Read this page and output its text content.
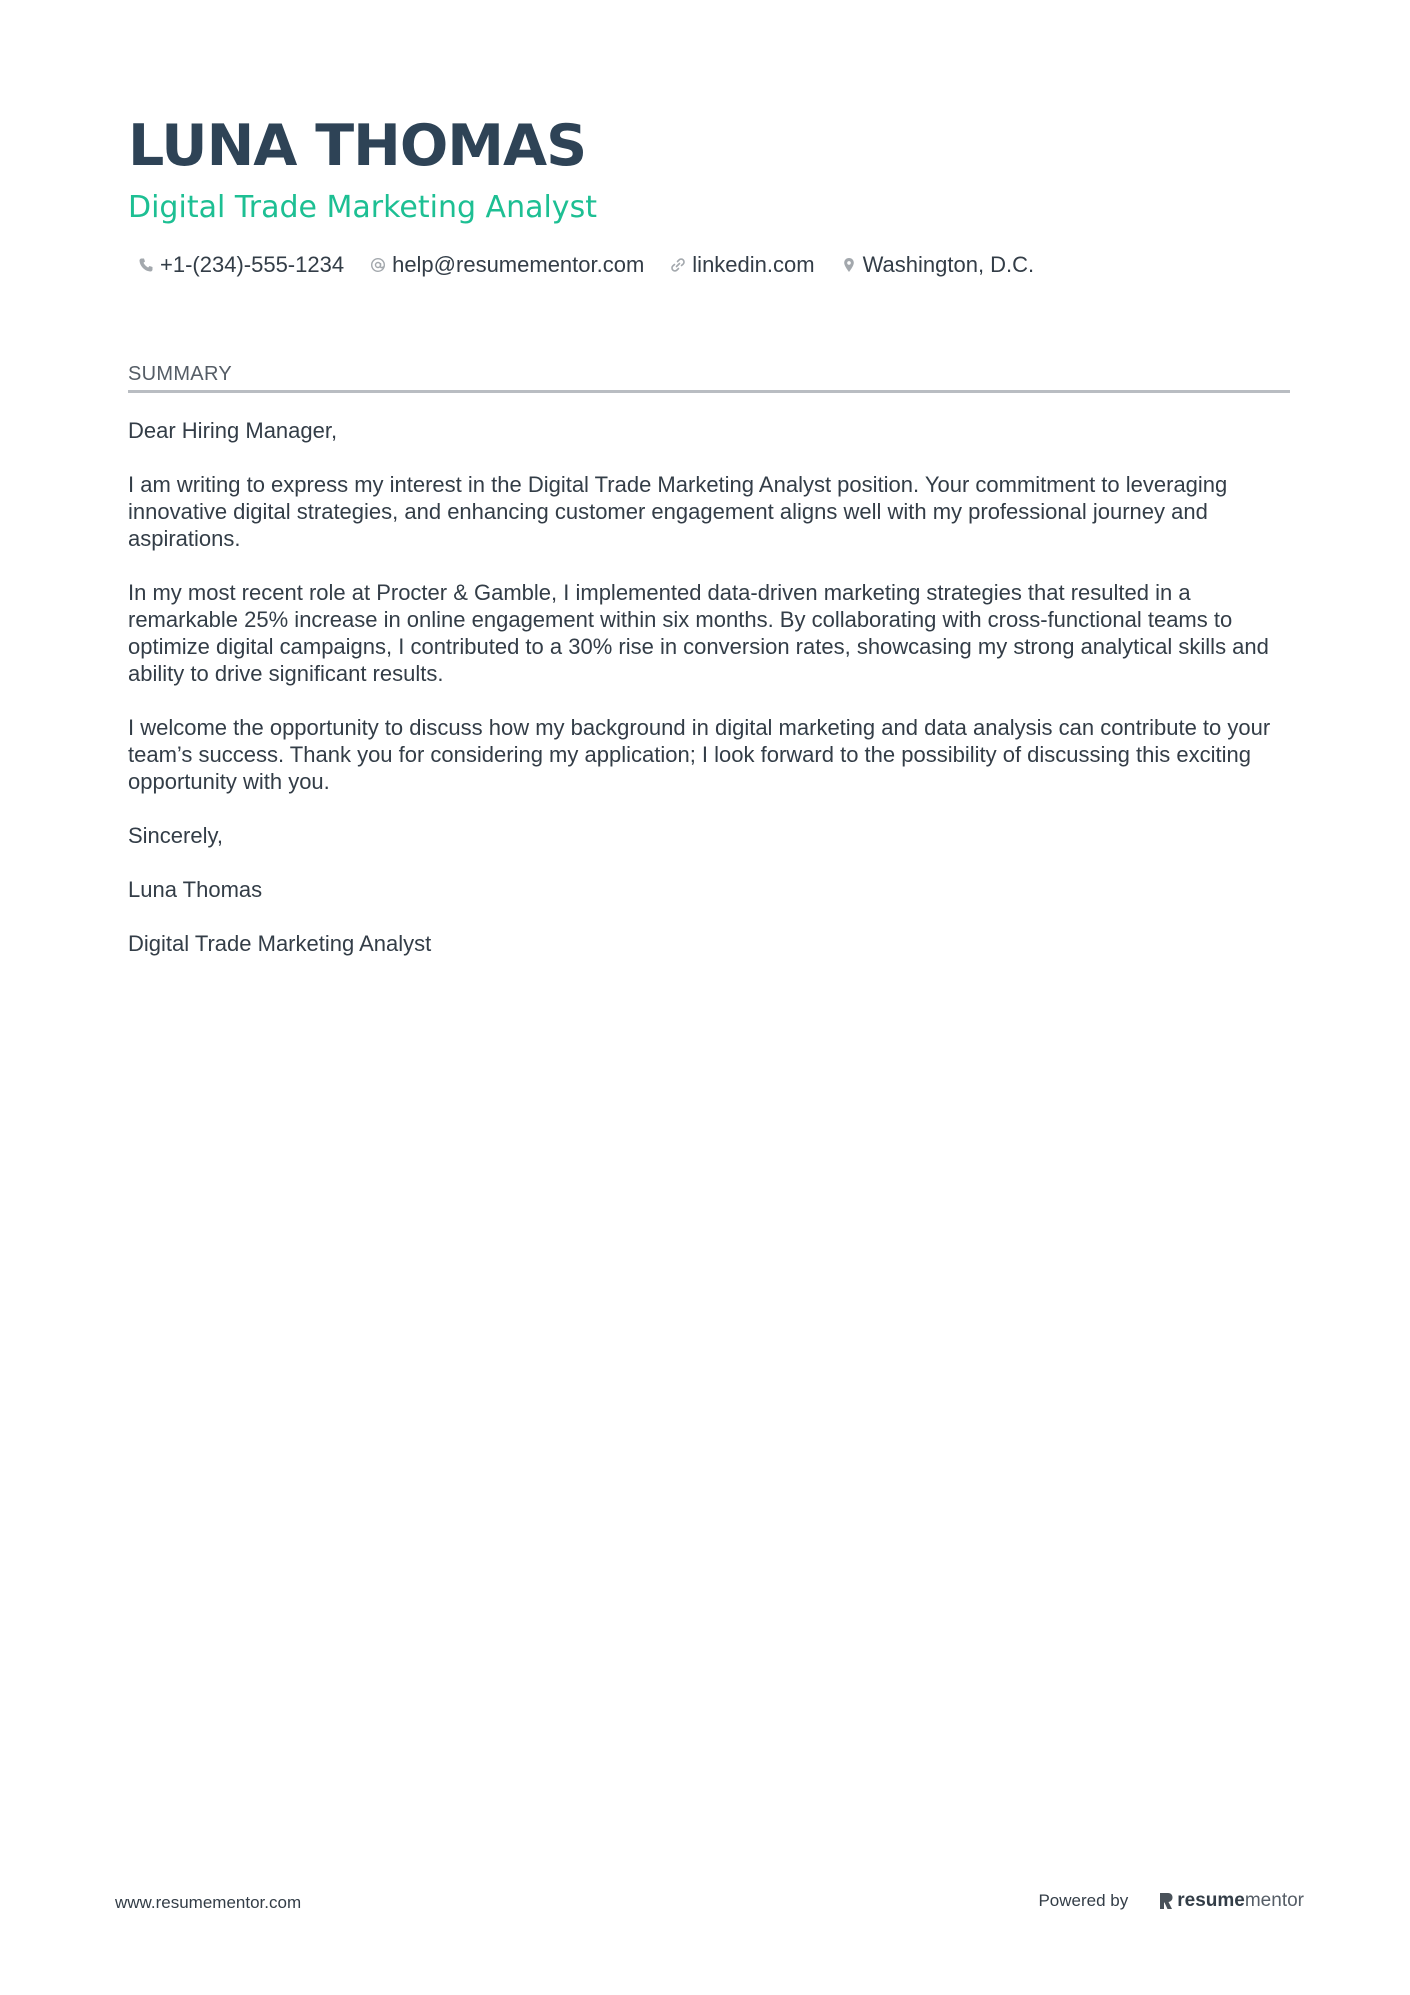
LUNA THOMAS
Digital Trade Marketing Analyst
+1-(234)-555-1234 help@resumementor.com linkedin.com Washington, D.C.
SUMMARY

Dear Hiring Manager,

I am writing to express my interest in the Digital Trade Marketing Analyst position. Your commitment to leveraging innovative digital strategies, and enhancing customer engagement aligns well with my professional journey and aspirations.

In my most recent role at Procter & Gamble, I implemented data-driven marketing strategies that resulted in a remarkable 25% increase in online engagement within six months. By collaborating with cross-functional teams to optimize digital campaigns, I contributed to a 30% rise in conversion rates, showcasing my strong analytical skills and ability to drive significant results.

I welcome the opportunity to discuss how my background in digital marketing and data analysis can contribute to your team’s success. Thank you for considering my application; I look forward to the possibility of discussing this exciting opportunity with you.

Sincerely,

Luna Thomas

Digital Trade Marketing Analyst

www.resumementor.com	Powered by	resume mentor
